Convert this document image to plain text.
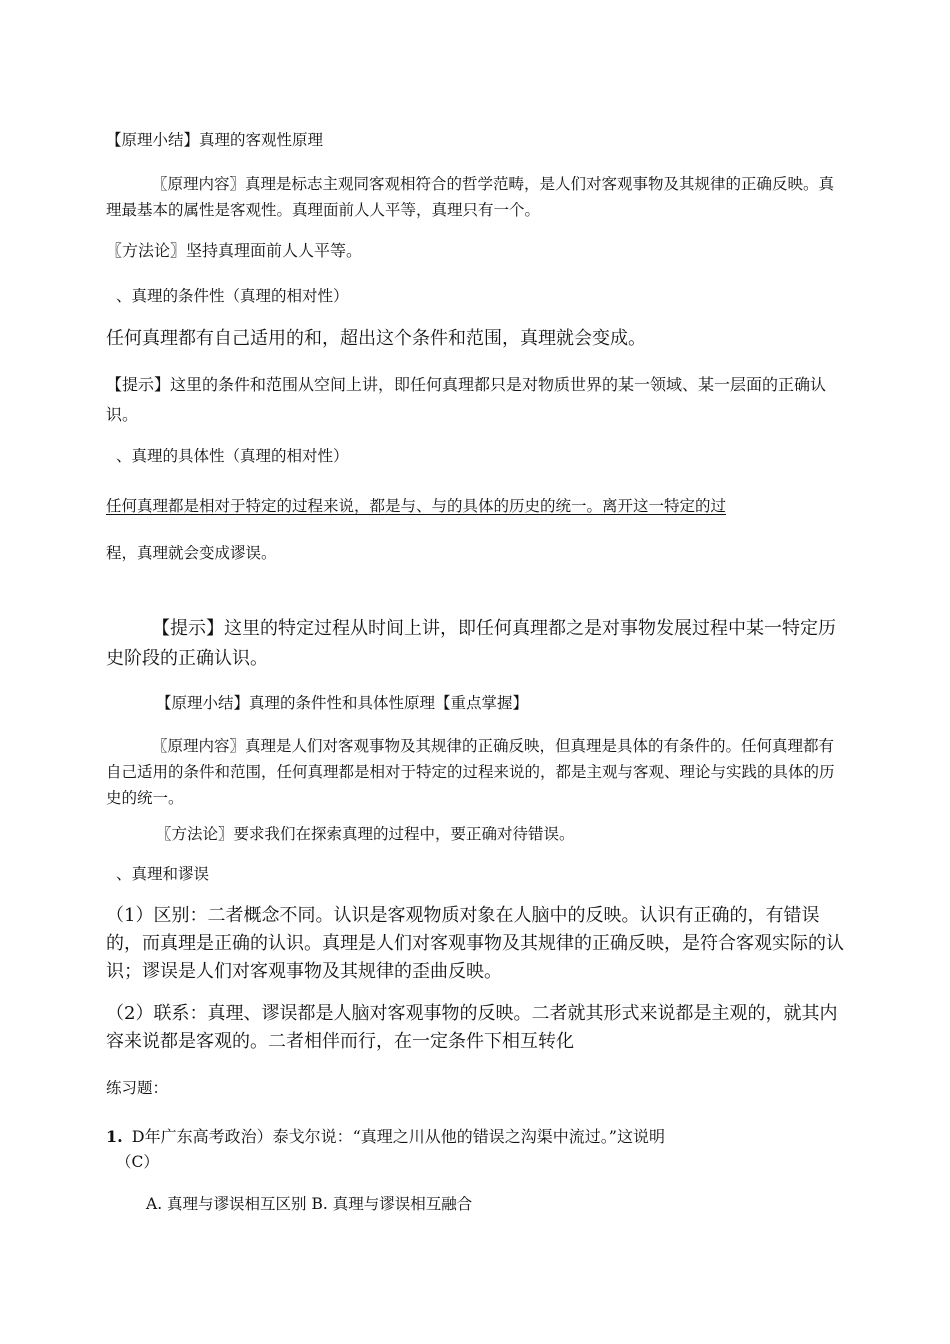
【原理小结】真理的客观性原理
〖原理内容〗真理是标志主观同客观相符合的哲学范畴，是人们对客观事物及其规律的正确反映。真理最基本的属性是客观性。真理面前人人平等，真理只有一个。
〖方法论〗坚持真理面前人人平等。
、真理的条件性（真理的相对性）
任何真理都有自己适用的和，超出这个条件和范围，真理就会变成。
【提示】这里的条件和范围从空间上讲，即任何真理都只是对物质世界的某一领域、某一层面的正确认识。
、真理的具体性（真理的相对性）
任何真理都是相对于特定的过程来说，都是与、与的具体的历史的统一。离开这一特定的过
程，真理就会变成谬误。
【提示】这里的特定过程从时间上讲，即任何真理都之是对事物发展过程中某一特定历史阶段的正确认识。
【原理小结】真理的条件性和具体性原理【重点掌握】
〖原理内容〗真理是人们对客观事物及其规律的正确反映，但真理是具体的有条件的。任何真理都有自己适用的条件和范围，任何真理都是相对于特定的过程来说的，都是主观与客观、理论与实践的具体的历史的统一。
〖方法论〗要求我们在探索真理的过程中，要正确对待错误。
、真理和谬误
（1）区别：二者概念不同。认识是客观物质对象在人脑中的反映。认识有正确的，有错误的，而真理是正确的认识。真理是人们对客观事物及其规律的正确反映，是符合客观实际的认识；谬误是人们对客观事物及其规律的歪曲反映。
（2）联系：真理、谬误都是人脑对客观事物的反映。二者就其形式来说都是主观的，就其内容来说都是客观的。二者相伴而行，在一定条件下相互转化
练习题：
1. D年广东高考政治）泰戈尔说：“真理之川从他的错误之沟渠中流过。”这说明
（C）
A. 真理与谬误相互区别 B. 真理与谬误相互融合
